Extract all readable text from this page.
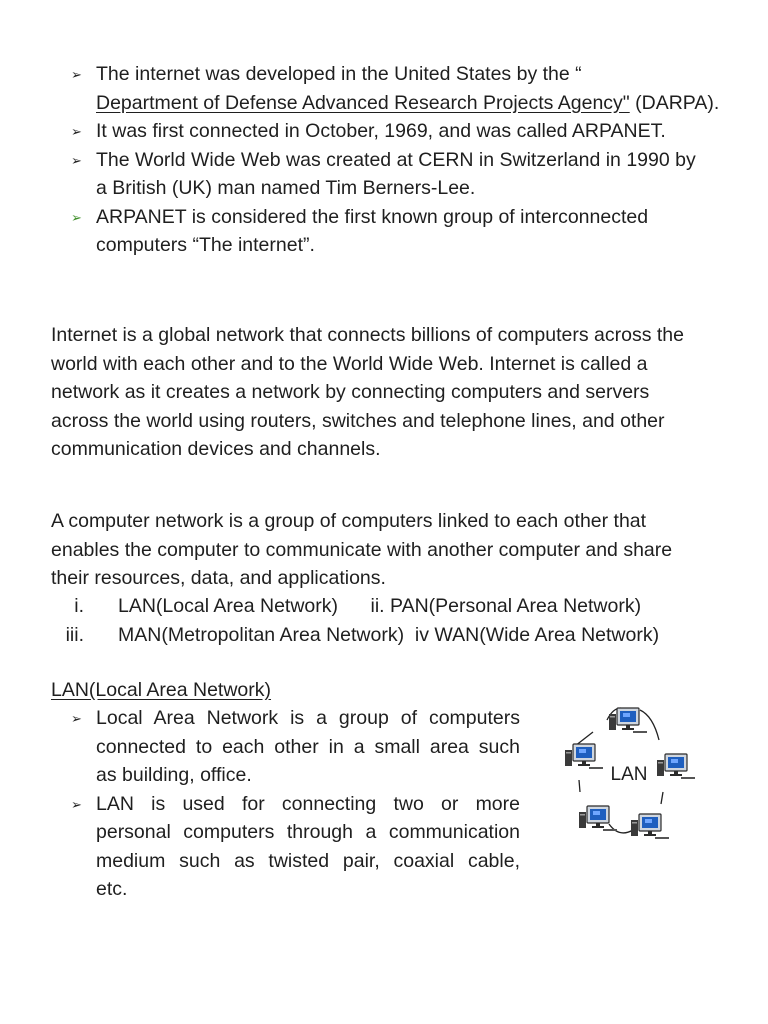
➢ The internet was developed in the United States by the “
Department of Defense Advanced Research Projects Agency" (DARPA).
➢ It was first connected in October, 1969, and was called ARPANET.
➢ The World Wide Web was created at CERN in Switzerland in 1990 by
a British (UK) man named Tim Berners-Lee.
➢ ARPANET is considered the first known group of interconnected
computers “The internet”.

Internet is a global network that connects billions of computers across the
world with each other and to the World Wide Web. Internet is called a
network as it creates a network by connecting computers and servers
across the world using routers, switches and telephone lines, and other
communication devices and channels.

A computer network is a group of computers linked to each other that
enables the computer to communicate with another computer and share
their resources, data, and applications.

i. LAN(Local Area Network)      ii. PAN(Personal Area Network)
iii. MAN(Metropolitan Area Network)  iv WAN(Wide Area Network)
LAN(Local Area Network)
➢ Local Area Network is a group of computers
connected to each other in a small area such
as building, office.
➢ LAN is used for connecting two or more
personal computers through a communication
medium such as twisted pair, coaxial cable,
etc.
LAN
